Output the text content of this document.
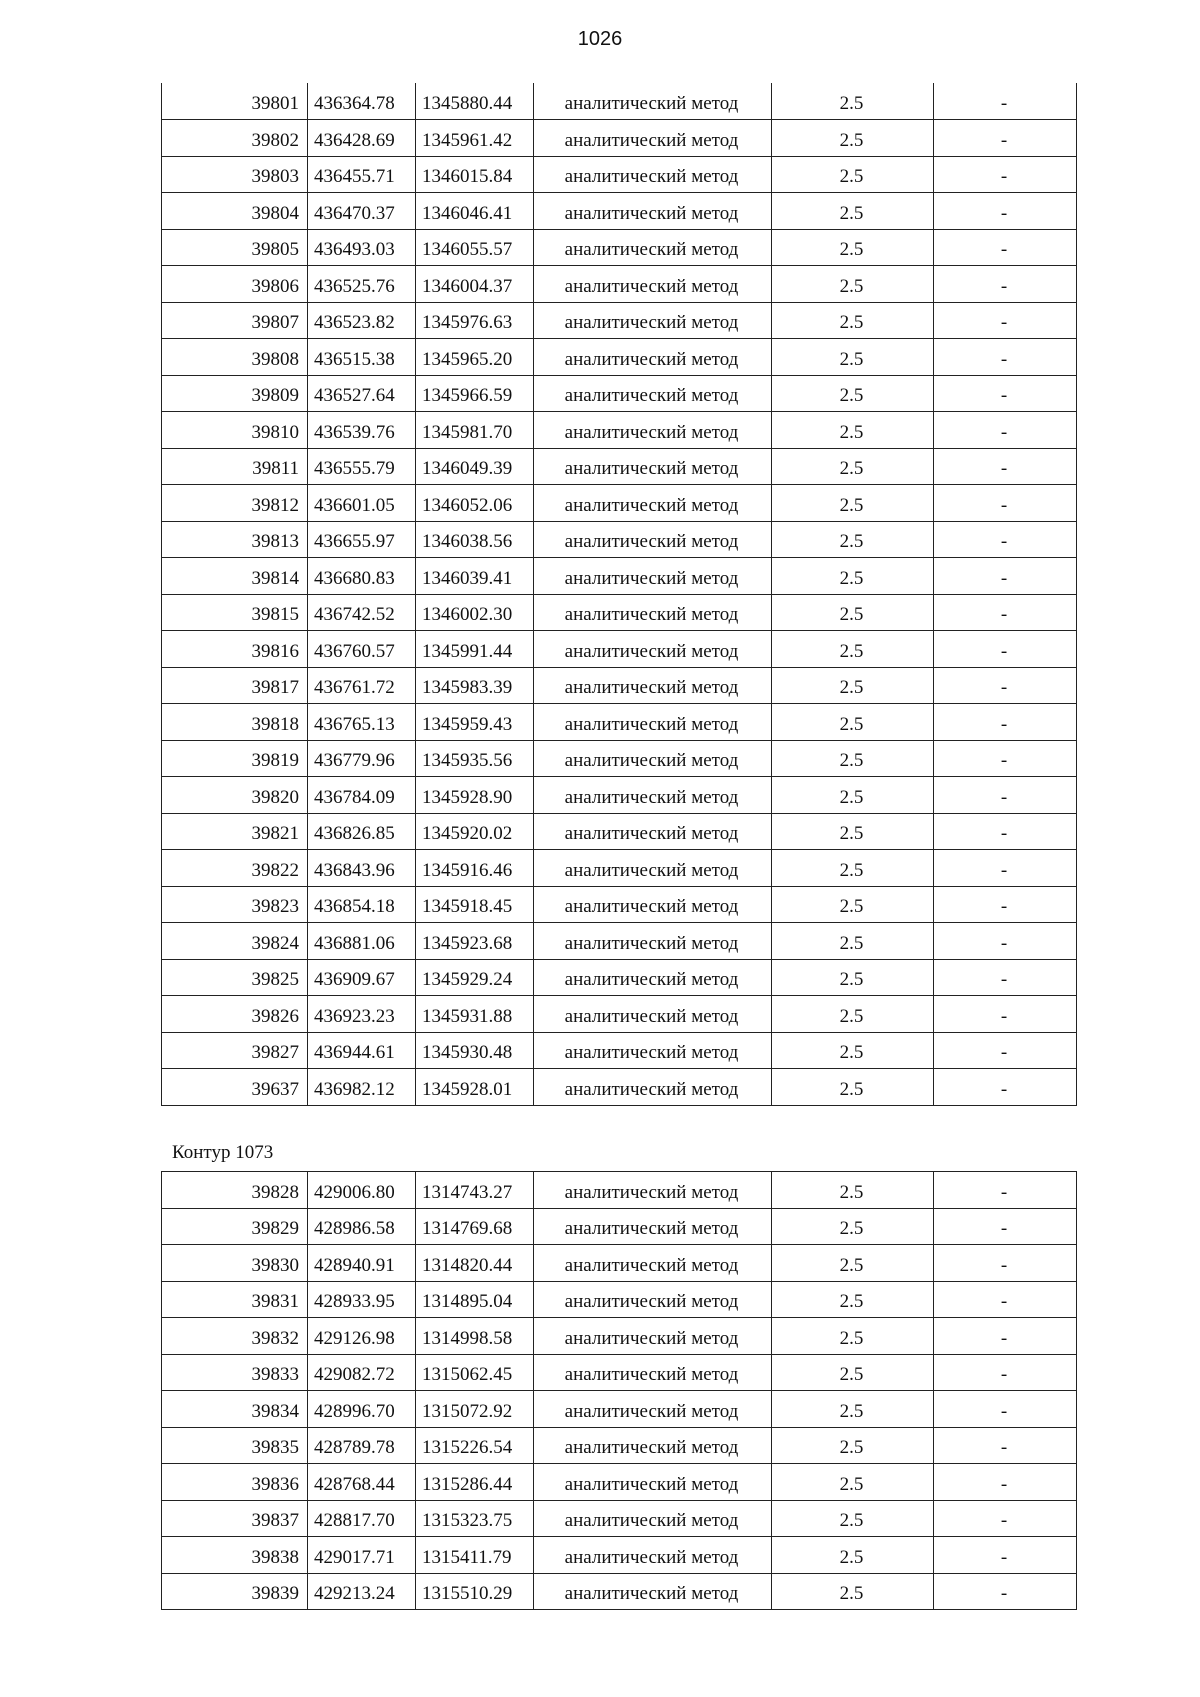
1026
39801	436364.78	1345880.44	аналитический метод	2.5	-
39802	436428.69	1345961.42	аналитический метод	2.5	-
39803	436455.71	1346015.84	аналитический метод	2.5	-
39804	436470.37	1346046.41	аналитический метод	2.5	-
39805	436493.03	1346055.57	аналитический метод	2.5	-
39806	436525.76	1346004.37	аналитический метод	2.5	-
39807	436523.82	1345976.63	аналитический метод	2.5	-
39808	436515.38	1345965.20	аналитический метод	2.5	-
39809	436527.64	1345966.59	аналитический метод	2.5	-
39810	436539.76	1345981.70	аналитический метод	2.5	-
39811	436555.79	1346049.39	аналитический метод	2.5	-
39812	436601.05	1346052.06	аналитический метод	2.5	-
39813	436655.97	1346038.56	аналитический метод	2.5	-
39814	436680.83	1346039.41	аналитический метод	2.5	-
39815	436742.52	1346002.30	аналитический метод	2.5	-
39816	436760.57	1345991.44	аналитический метод	2.5	-
39817	436761.72	1345983.39	аналитический метод	2.5	-
39818	436765.13	1345959.43	аналитический метод	2.5	-
39819	436779.96	1345935.56	аналитический метод	2.5	-
39820	436784.09	1345928.90	аналитический метод	2.5	-
39821	436826.85	1345920.02	аналитический метод	2.5	-
39822	436843.96	1345916.46	аналитический метод	2.5	-
39823	436854.18	1345918.45	аналитический метод	2.5	-
39824	436881.06	1345923.68	аналитический метод	2.5	-
39825	436909.67	1345929.24	аналитический метод	2.5	-
39826	436923.23	1345931.88	аналитический метод	2.5	-
39827	436944.61	1345930.48	аналитический метод	2.5	-
39637	436982.12	1345928.01	аналитический метод	2.5	-
Контур 1073
39828	429006.80	1314743.27	аналитический метод	2.5	-
39829	428986.58	1314769.68	аналитический метод	2.5	-
39830	428940.91	1314820.44	аналитический метод	2.5	-
39831	428933.95	1314895.04	аналитический метод	2.5	-
39832	429126.98	1314998.58	аналитический метод	2.5	-
39833	429082.72	1315062.45	аналитический метод	2.5	-
39834	428996.70	1315072.92	аналитический метод	2.5	-
39835	428789.78	1315226.54	аналитический метод	2.5	-
39836	428768.44	1315286.44	аналитический метод	2.5	-
39837	428817.70	1315323.75	аналитический метод	2.5	-
39838	429017.71	1315411.79	аналитический метод	2.5	-
39839	429213.24	1315510.29	аналитический метод	2.5	-
